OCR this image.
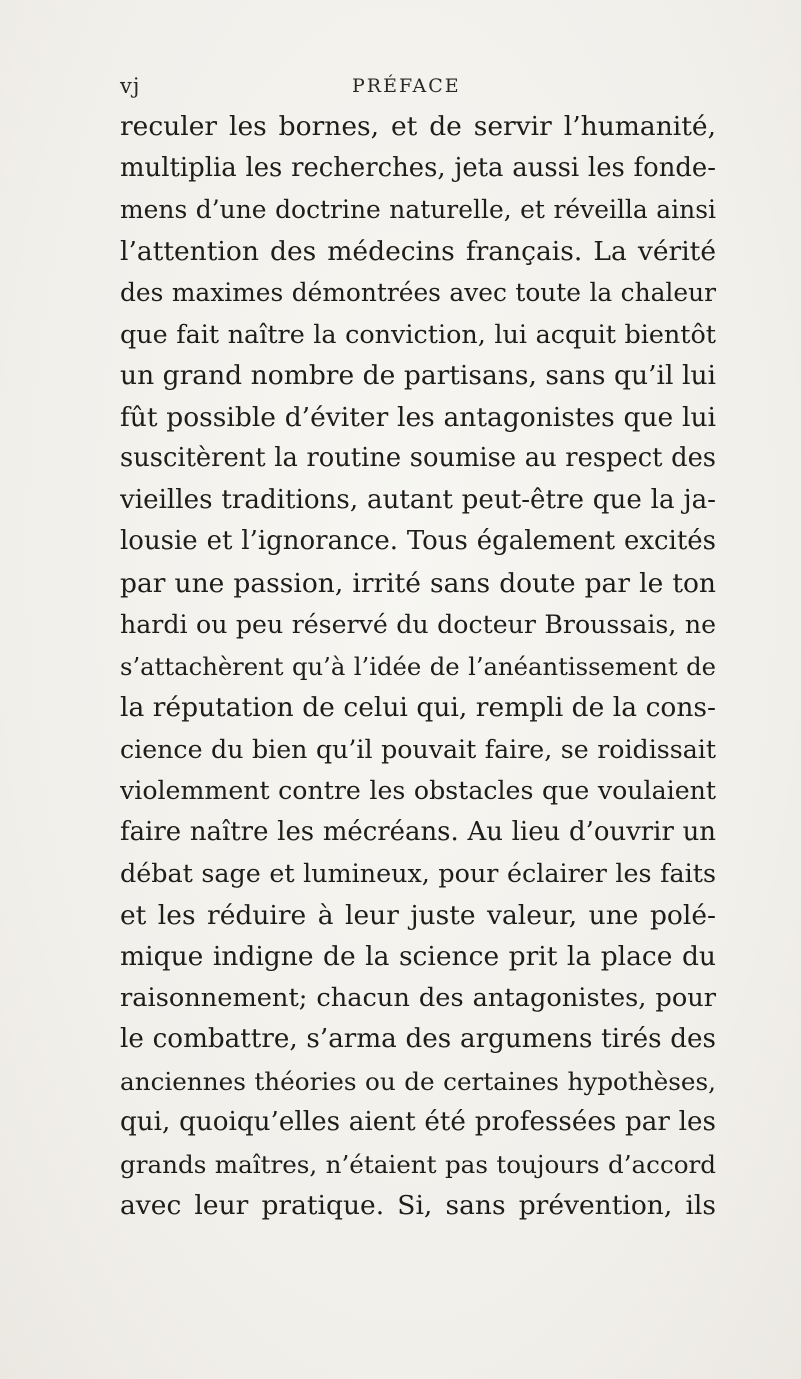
vj	PRÉFACE
reculer les bornes, et de servir l’humanité,
multiplia les recherches, jeta aussi les fonde-
mens d’une doctrine naturelle, et réveilla ainsi
l’attention des médecins français. La vérité
des maximes démontrées avec toute la chaleur
que fait naître la conviction, lui acquit bientôt
un grand nombre de partisans, sans qu’il lui
fût possible d’éviter les antagonistes que lui
suscitèrent la routine soumise au respect des
vieilles traditions, autant peut-être que la ja-
lousie et l’ignorance. Tous également excités
par une passion, irrité sans doute par le ton
hardi ou peu réservé du docteur Broussais, ne
s’attachèrent qu’à l’idée de l’anéantissement de
la réputation de celui qui, rempli de la cons-
cience du bien qu’il pouvait faire, se roidissait
violemment contre les obstacles que voulaient
faire naître les mécréans. Au lieu d’ouvrir un
débat sage et lumineux, pour éclairer les faits
et les réduire à leur juste valeur, une polé-
mique indigne de la science prit la place du
raisonnement; chacun des antagonistes, pour
le combattre, s’arma des argumens tirés des
anciennes théories ou de certaines hypothèses,
qui, quoiqu’elles aient été professées par les
grands maîtres, n’étaient pas toujours d’accord
avec leur pratique. Si, sans prévention, ils
